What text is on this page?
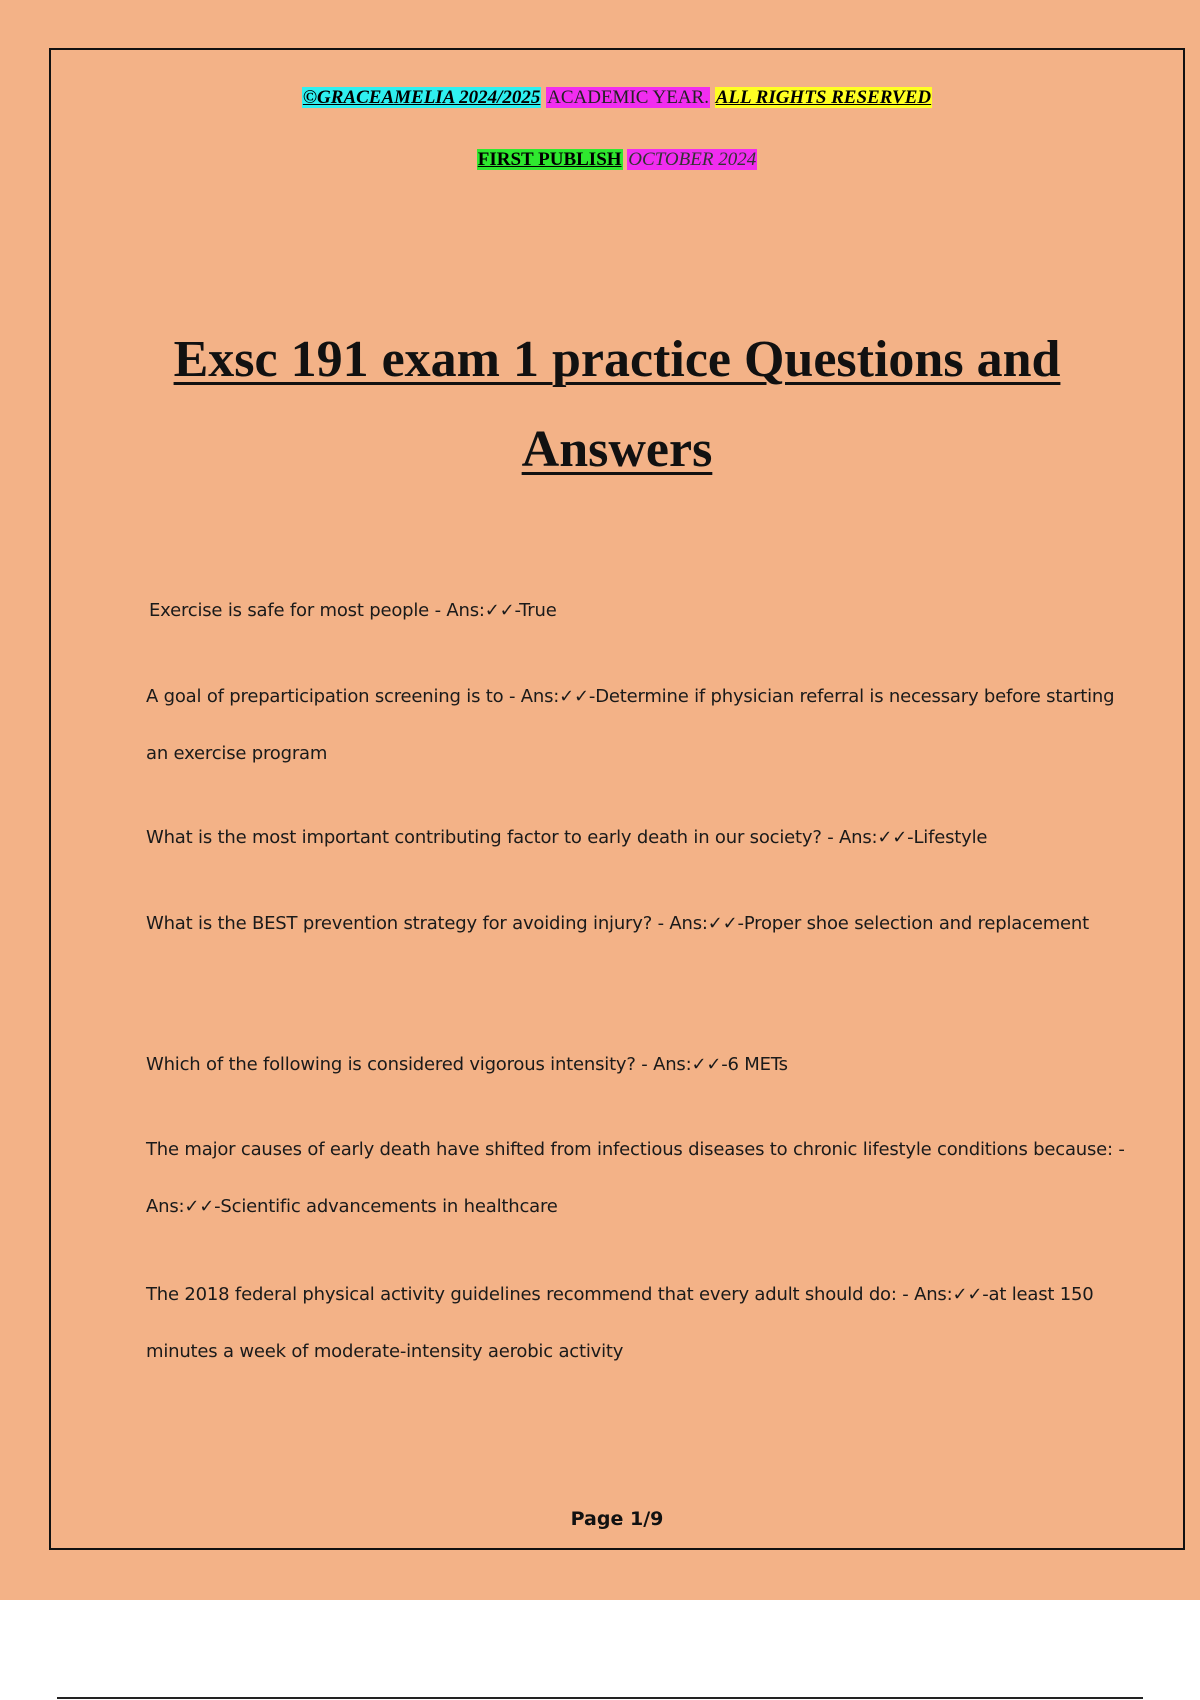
©GRACEAMELIA 2024/2025 ACADEMIC YEAR. ALL RIGHTS RESERVED
FIRST PUBLISH OCTOBER 2024
Exsc 191 exam 1 practice Questions and
Answers
Exercise is safe for most people - Ans:✓✓-True
A goal of preparticipation screening is to - Ans:✓✓-Determine if physician referral is necessary before starting an exercise program
What is the most important contributing factor to early death in our society? - Ans:✓✓-Lifestyle
What is the BEST prevention strategy for avoiding injury? - Ans:✓✓-Proper shoe selection and replacement
Which of the following is considered vigorous intensity? - Ans:✓✓-6 METs
The major causes of early death have shifted from infectious diseases to chronic lifestyle conditions because: - Ans:✓✓-Scientific advancements in healthcare
The 2018 federal physical activity guidelines recommend that every adult should do: - Ans:✓✓-at least 150 minutes a week of moderate-intensity aerobic activity
Page 1/9
